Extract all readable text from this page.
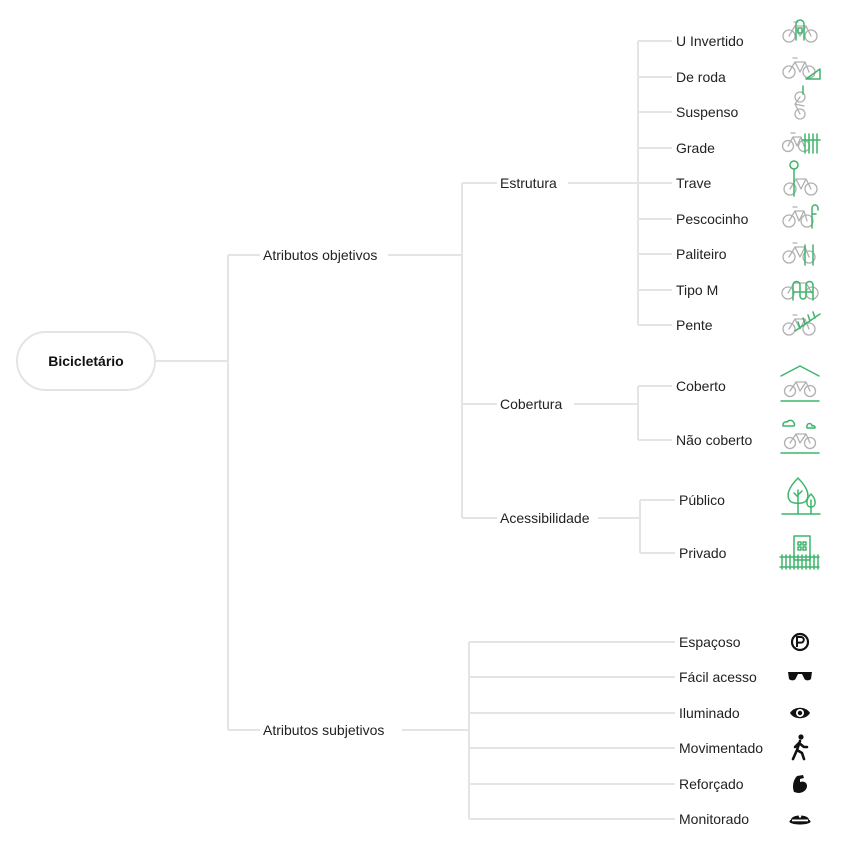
Bicicletário
Atributos objetivos
Atributos subjetivos
Estrutura
Cobertura
Acessibilidade
U Invertido
De roda
Suspenso
Grade
Trave
Pescocinho
Paliteiro
Tipo M
Pente
Coberto
Não coberto
Público
Privado
Espaçoso
Fácil acesso
Iluminado
Movimentado
Reforçado
Monitorado
